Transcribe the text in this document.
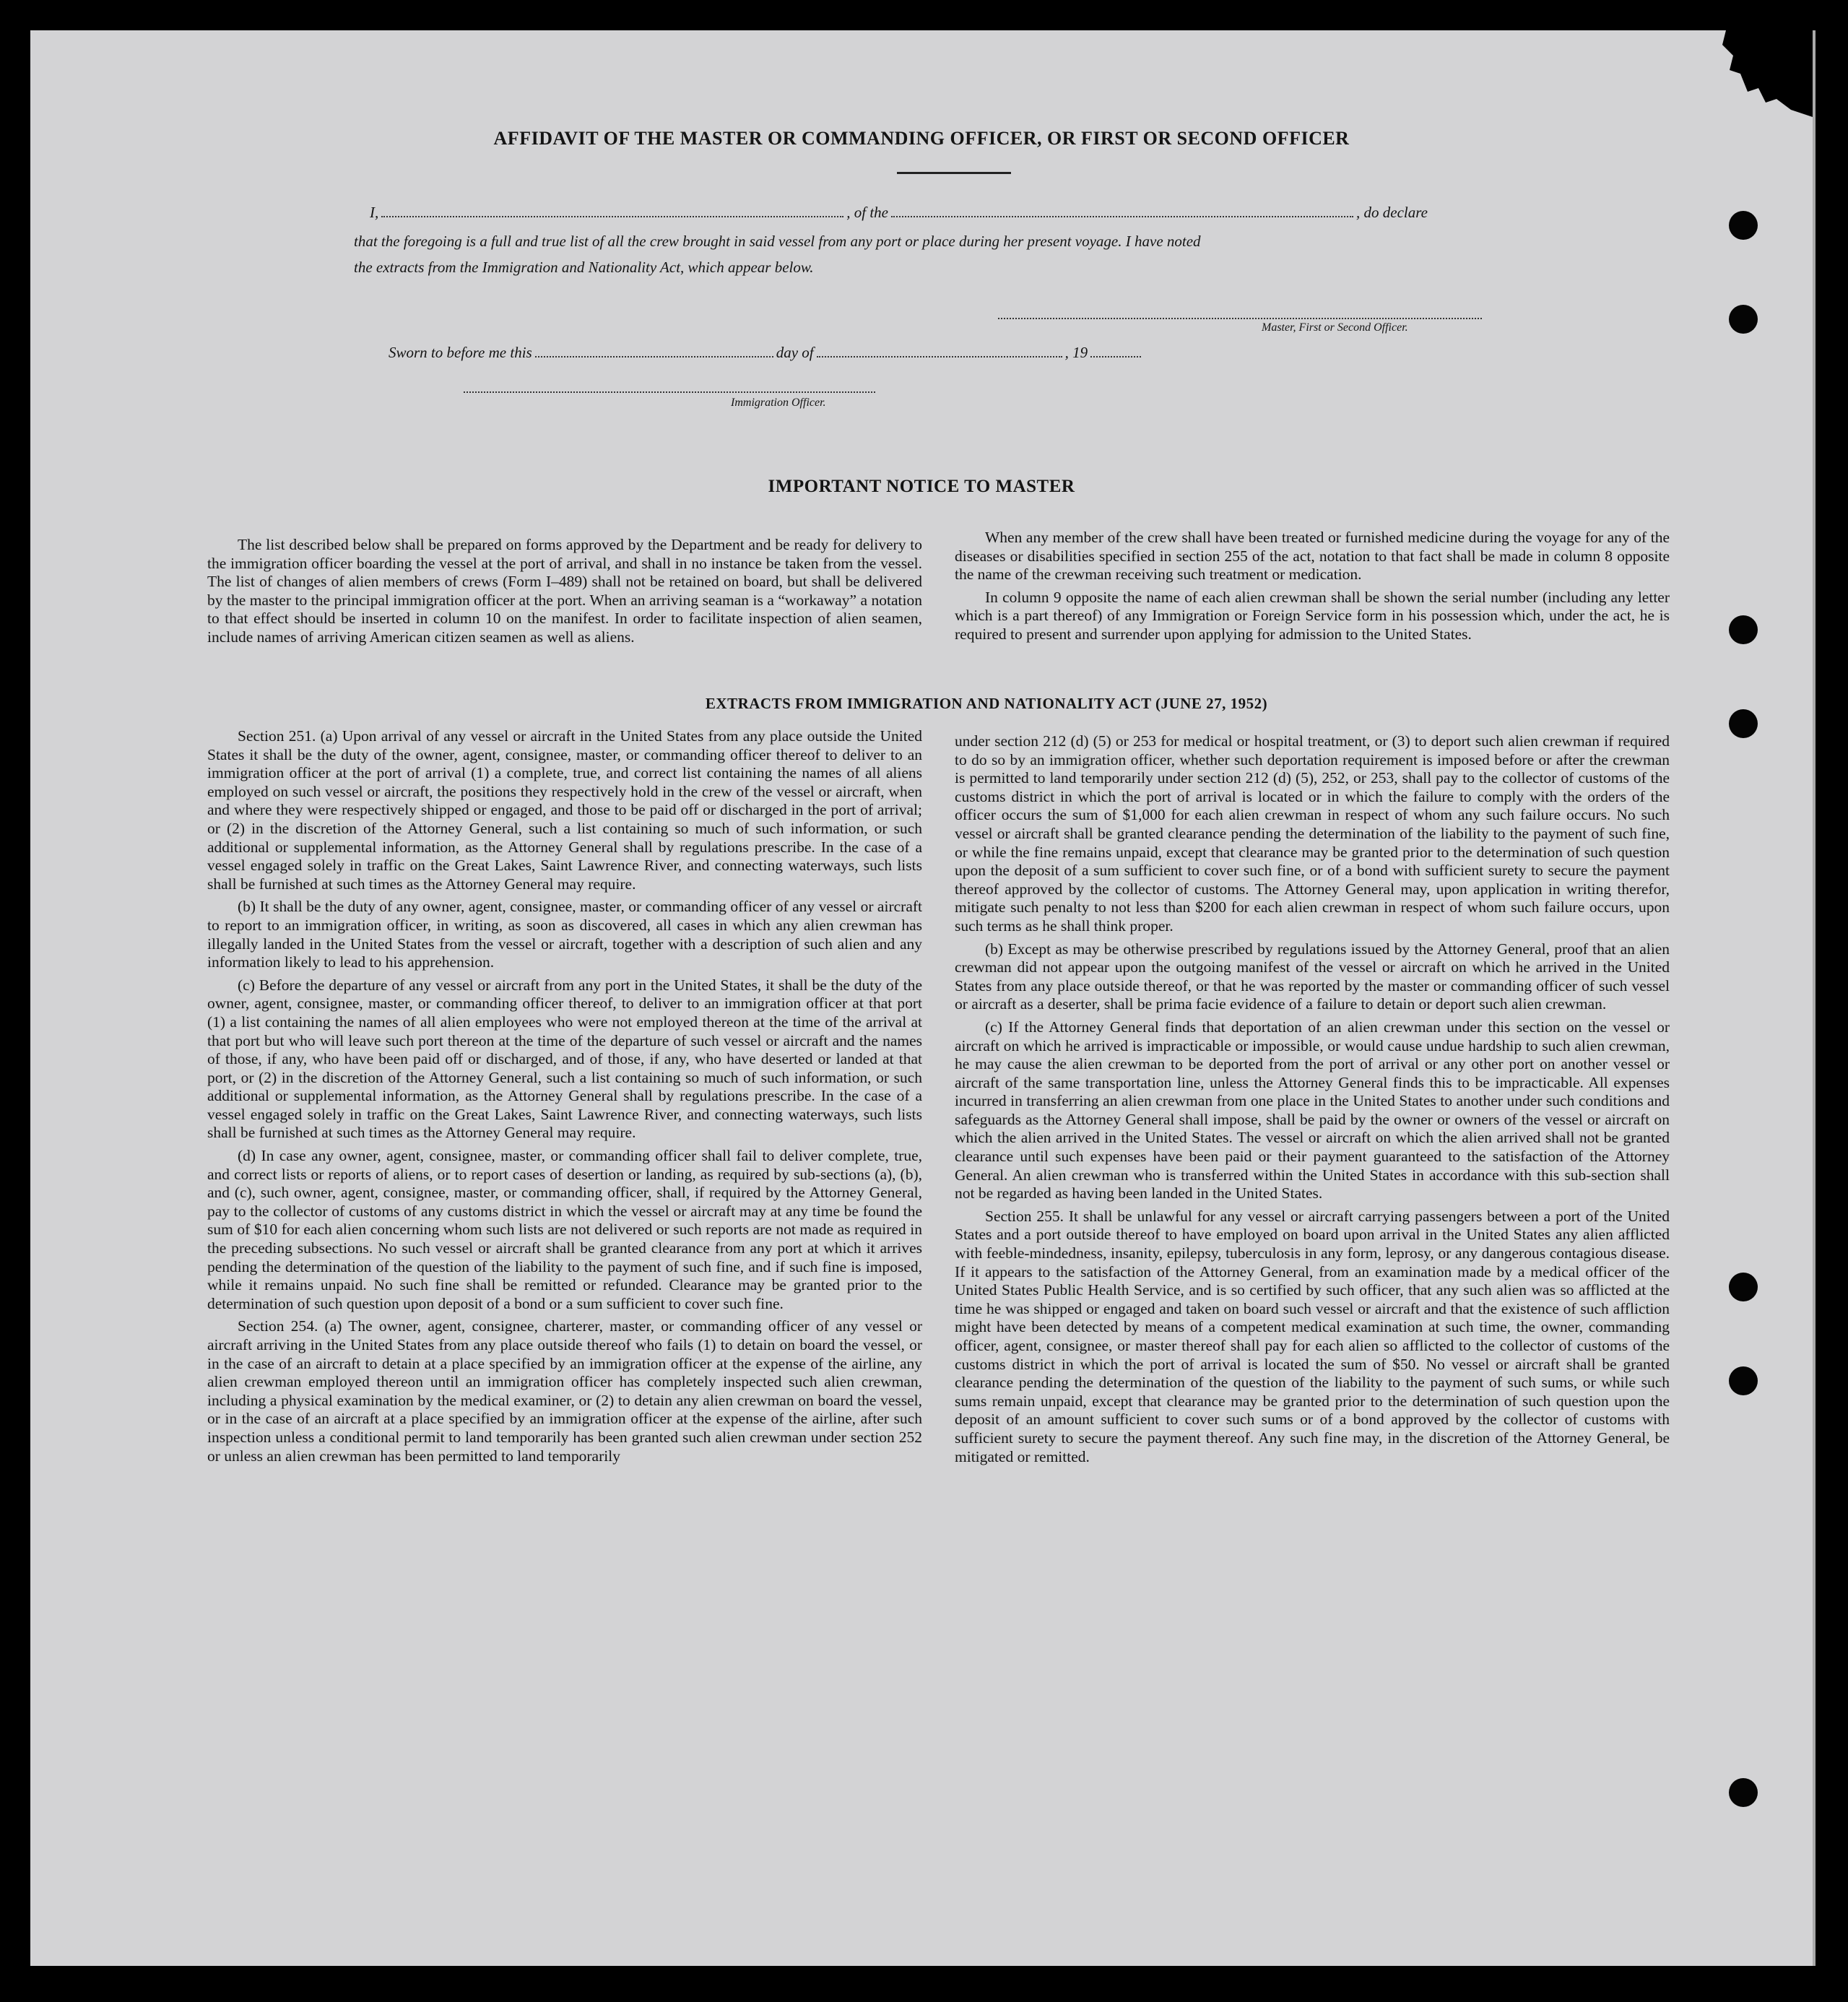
AFFIDAVIT OF THE MASTER OR COMMANDING OFFICER, OR FIRST OR SECOND OFFICER
I,	, of the	, do declare
that the foregoing is a full and true list of all the crew brought in said vessel from any port or place during her present voyage. I have noted
the extracts from the Immigration and Nationality Act, which appear below.
Master, First or Second Officer.
Sworn to before me this	day of	, 19
Immigration Officer.
IMPORTANT NOTICE TO MASTER

The list described below shall be prepared on forms approved by the Department and be ready for delivery to the immigration officer boarding the vessel at the port of arrival, and shall in no instance be taken from the vessel. The list of changes of alien members of crews (Form I–489) shall not be retained on board, but shall be delivered by the master to the principal immigration officer at the port. When an arriving seaman is a “workaway” a notation to that effect should be inserted in column 10 on the manifest. In order to facilitate inspection of alien seamen, include names of arriving American citizen seamen as well as aliens.

When any member of the crew shall have been treated or furnished medicine during the voyage for any of the diseases or disabilities specified in section 255 of the act, notation to that fact shall be made in column 8 opposite the name of the crewman receiving such treatment or medication.

In column 9 opposite the name of each alien crewman shall be shown the serial number (including any letter which is a part thereof) of any Immigration or Foreign Service form in his possession which, under the act, he is required to present and surrender upon applying for admission to the United States.

EXTRACTS FROM IMMIGRATION AND NATIONALITY ACT (JUNE 27, 1952)

Section 251. (a) Upon arrival of any vessel or aircraft in the United States from any place outside the United States it shall be the duty of the owner, agent, consignee, master, or commanding officer thereof to deliver to an immigration officer at the port of arrival (1) a complete, true, and correct list containing the names of all aliens employed on such vessel or aircraft, the positions they respectively hold in the crew of the vessel or aircraft, when and where they were respectively shipped or engaged, and those to be paid off or discharged in the port of arrival; or (2) in the discretion of the Attorney General, such a list containing so much of such information, or such additional or supplemental information, as the Attorney General shall by regulations prescribe. In the case of a vessel engaged solely in traffic on the Great Lakes, Saint Lawrence River, and connecting waterways, such lists shall be furnished at such times as the Attorney General may require.

(b) It shall be the duty of any owner, agent, consignee, master, or commanding officer of any vessel or aircraft to report to an immigration officer, in writing, as soon as discovered, all cases in which any alien crewman has illegally landed in the United States from the vessel or aircraft, together with a description of such alien and any information likely to lead to his apprehension.

(c) Before the departure of any vessel or aircraft from any port in the United States, it shall be the duty of the owner, agent, consignee, master, or commanding officer thereof, to deliver to an immigration officer at that port (1) a list containing the names of all alien employees who were not employed thereon at the time of the arrival at that port but who will leave such port thereon at the time of the departure of such vessel or aircraft and the names of those, if any, who have been paid off or discharged, and of those, if any, who have deserted or landed at that port, or (2) in the discretion of the Attorney General, such a list containing so much of such information, or such additional or supplemental information, as the Attorney General shall by regulations prescribe. In the case of a vessel engaged solely in traffic on the Great Lakes, Saint Lawrence River, and connecting waterways, such lists shall be furnished at such times as the Attorney General may require.

(d) In case any owner, agent, consignee, master, or commanding officer shall fail to deliver complete, true, and correct lists or reports of aliens, or to report cases of desertion or landing, as required by sub-sections (a), (b), and (c), such owner, agent, consignee, master, or commanding officer, shall, if required by the Attorney General, pay to the collector of customs of any customs district in which the vessel or aircraft may at any time be found the sum of $10 for each alien concerning whom such lists are not delivered or such reports are not made as required in the preceding subsections. No such vessel or aircraft shall be granted clearance from any port at which it arrives pending the determination of the question of the liability to the payment of such fine, and if such fine is imposed, while it remains unpaid. No such fine shall be remitted or refunded. Clearance may be granted prior to the determination of such question upon deposit of a bond or a sum sufficient to cover such fine.

Section 254. (a) The owner, agent, consignee, charterer, master, or commanding officer of any vessel or aircraft arriving in the United States from any place outside thereof who fails (1) to detain on board the vessel, or in the case of an aircraft to detain at a place specified by an immigration officer at the expense of the airline, any alien crewman employed thereon until an immigration officer has completely inspected such alien crewman, including a physical examination by the medical examiner, or (2) to detain any alien crewman on board the vessel, or in the case of an aircraft at a place specified by an immigration officer at the expense of the airline, after such inspection unless a conditional permit to land temporarily has been granted such alien crewman under section 252 or unless an alien crewman has been permitted to land temporarily

under section 212 (d) (5) or 253 for medical or hospital treatment, or (3) to deport such alien crewman if required to do so by an immigration officer, whether such deportation requirement is imposed before or after the crewman is permitted to land temporarily under section 212 (d) (5), 252, or 253, shall pay to the collector of customs of the customs district in which the port of arrival is located or in which the failure to comply with the orders of the officer occurs the sum of $1,000 for each alien crewman in respect of whom any such failure occurs. No such vessel or aircraft shall be granted clearance pending the determination of the liability to the payment of such fine, or while the fine remains unpaid, except that clearance may be granted prior to the determination of such question upon the deposit of a sum sufficient to cover such fine, or of a bond with sufficient surety to secure the payment thereof approved by the collector of customs. The Attorney General may, upon application in writing therefor, mitigate such penalty to not less than $200 for each alien crewman in respect of whom such failure occurs, upon such terms as he shall think proper.

(b) Except as may be otherwise prescribed by regulations issued by the Attorney General, proof that an alien crewman did not appear upon the outgoing manifest of the vessel or aircraft on which he arrived in the United States from any place outside thereof, or that he was reported by the master or commanding officer of such vessel or aircraft as a deserter, shall be prima facie evidence of a failure to detain or deport such alien crewman.

(c) If the Attorney General finds that deportation of an alien crewman under this section on the vessel or aircraft on which he arrived is impracticable or impossible, or would cause undue hardship to such alien crewman, he may cause the alien crewman to be deported from the port of arrival or any other port on another vessel or aircraft of the same transportation line, unless the Attorney General finds this to be impracticable. All expenses incurred in transferring an alien crewman from one place in the United States to another under such conditions and safeguards as the Attorney General shall impose, shall be paid by the owner or owners of the vessel or aircraft on which the alien arrived in the United States. The vessel or aircraft on which the alien arrived shall not be granted clearance until such expenses have been paid or their payment guaranteed to the satisfaction of the Attorney General. An alien crewman who is transferred within the United States in accordance with this sub-section shall not be regarded as having been landed in the United States.

Section 255. It shall be unlawful for any vessel or aircraft carrying passengers between a port of the United States and a port outside thereof to have employed on board upon arrival in the United States any alien afflicted with feeble-mindedness, insanity, epilepsy, tuberculosis in any form, leprosy, or any dangerous contagious disease. If it appears to the satisfaction of the Attorney General, from an examination made by a medical officer of the United States Public Health Service, and is so certified by such officer, that any such alien was so afflicted at the time he was shipped or engaged and taken on board such vessel or aircraft and that the existence of such affliction might have been detected by means of a competent medical examination at such time, the owner, commanding officer, agent, consignee, or master thereof shall pay for each alien so afflicted to the collector of customs of the customs district in which the port of arrival is located the sum of $50. No vessel or aircraft shall be granted clearance pending the determination of the question of the liability to the payment of such sums, or while such sums remain unpaid, except that clearance may be granted prior to the determination of such question upon the deposit of an amount sufficient to cover such sums or of a bond approved by the collector of customs with sufficient surety to secure the payment thereof. Any such fine may, in the discretion of the Attorney General, be mitigated or remitted.
